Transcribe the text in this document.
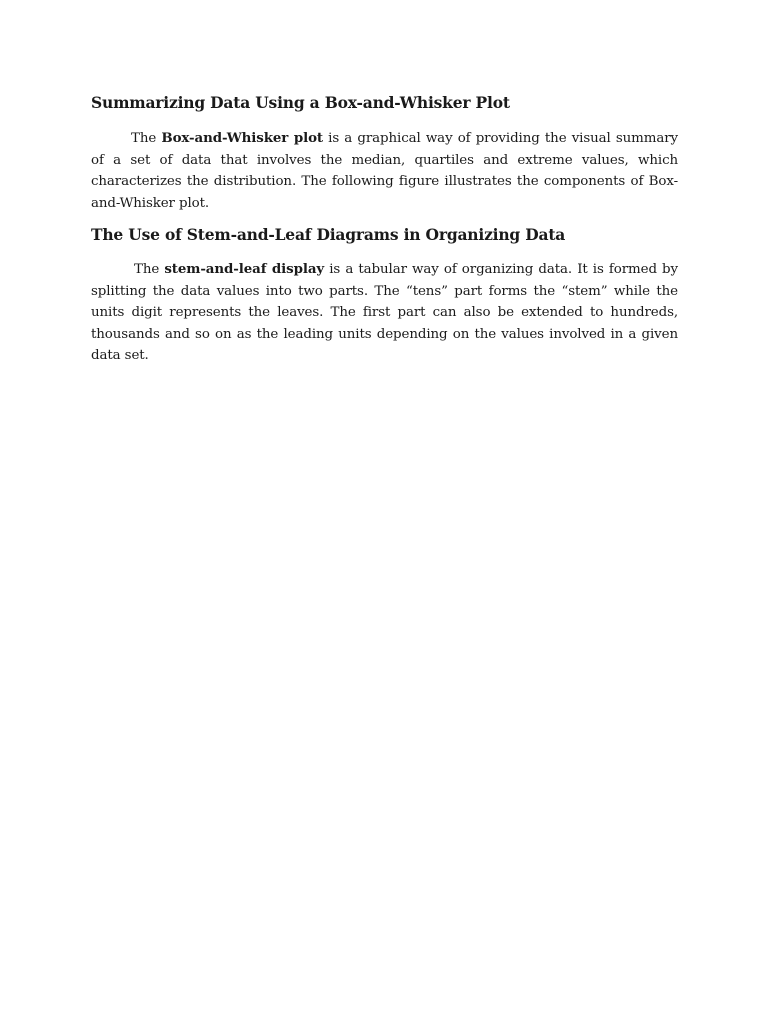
Summarizing Data Using a Box-and-Whisker Plot

The Box-and-Whisker plot is a graphical way of providing the visual summary of a set of data that involves the median, quartiles and extreme values, which characterizes the distribution. The following figure illustrates the components of Box-and-Whisker plot.

The Use of Stem-and-Leaf Diagrams in Organizing Data

The stem-and-leaf display is a tabular way of organizing data. It is formed by splitting the data values into two parts. The “tens” part forms the “stem” while the units digit represents the leaves. The first part can also be extended to hundreds, thousands and so on as the leading units depending on the values involved in a given data set.
